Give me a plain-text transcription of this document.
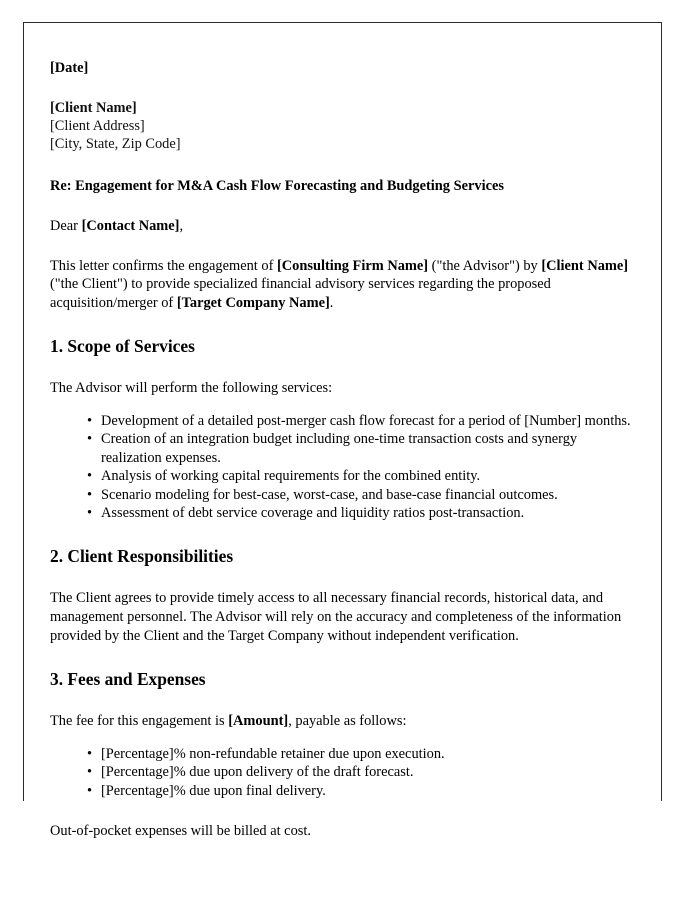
[Date]
[Client Name]
[Client Address]
[City, State, Zip Code]
Re: Engagement for M&A Cash Flow Forecasting and Budgeting Services
Dear [Contact Name],

This letter confirms the engagement of [Consulting Firm Name] ("the Advisor") by [Client Name] ("the Client") to provide specialized financial advisory services regarding the proposed acquisition/merger of [Target Company Name].

1. Scope of Services

The Advisor will perform the following services:

• Development of a detailed post-merger cash flow forecast for a period of [Number] months.
• Creation of an integration budget including one-time transaction costs and synergy realization expenses.
• Analysis of working capital requirements for the combined entity.
• Scenario modeling for best-case, worst-case, and base-case financial outcomes.
• Assessment of debt service coverage and liquidity ratios post-transaction.
2. Client Responsibilities

The Client agrees to provide timely access to all necessary financial records, historical data, and management personnel. The Advisor will rely on the accuracy and completeness of the information provided by the Client and the Target Company without independent verification.

3. Fees and Expenses

The fee for this engagement is [Amount], payable as follows:

• [Percentage]% non-refundable retainer due upon execution.
• [Percentage]% due upon delivery of the draft forecast.
• [Percentage]% due upon final delivery.

Out-of-pocket expenses will be billed at cost.
